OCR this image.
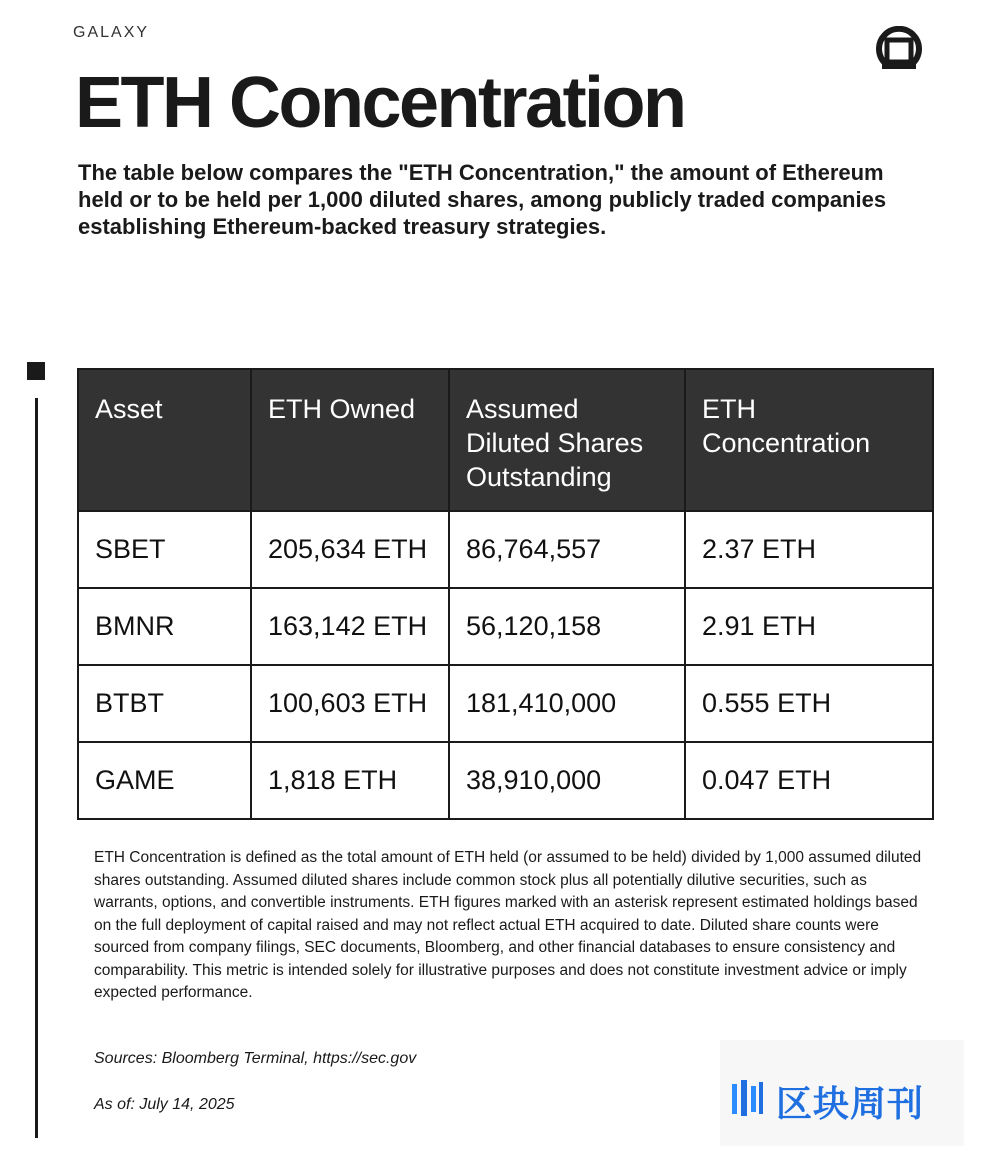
GALAXY
ETH Concentration

The table below compares the "ETH Concentration," the amount of Ethereum held or to be held per 1,000 diluted shares, among publicly traded companies establishing Ethereum-backed treasury strategies.

Asset	ETH Owned	Assumed Diluted Shares Outstanding	ETH Concentration
SBET	205,634 ETH	86,764,557	2.37 ETH
BMNR	163,142 ETH	56,120,158	2.91 ETH
BTBT	100,603 ETH	181,410,000	0.555 ETH
GAME	1,818 ETH	38,910,000	0.047 ETH

ETH Concentration is defined as the total amount of ETH held (or assumed to be held) divided by 1,000 assumed diluted shares outstanding. Assumed diluted shares include common stock plus all potentially dilutive securities, such as warrants, options, and convertible instruments. ETH figures marked with an asterisk represent estimated holdings based on the full deployment of capital raised and may not reflect actual ETH acquired to date. Diluted share counts were sourced from company filings, SEC documents, Bloomberg, and other financial databases to ensure consistency and comparability. This metric is intended solely for illustrative purposes and does not constitute investment advice or imply expected performance.

Sources: Bloomberg Terminal, https://sec.gov

As of: July 14, 2025	区块周刊
